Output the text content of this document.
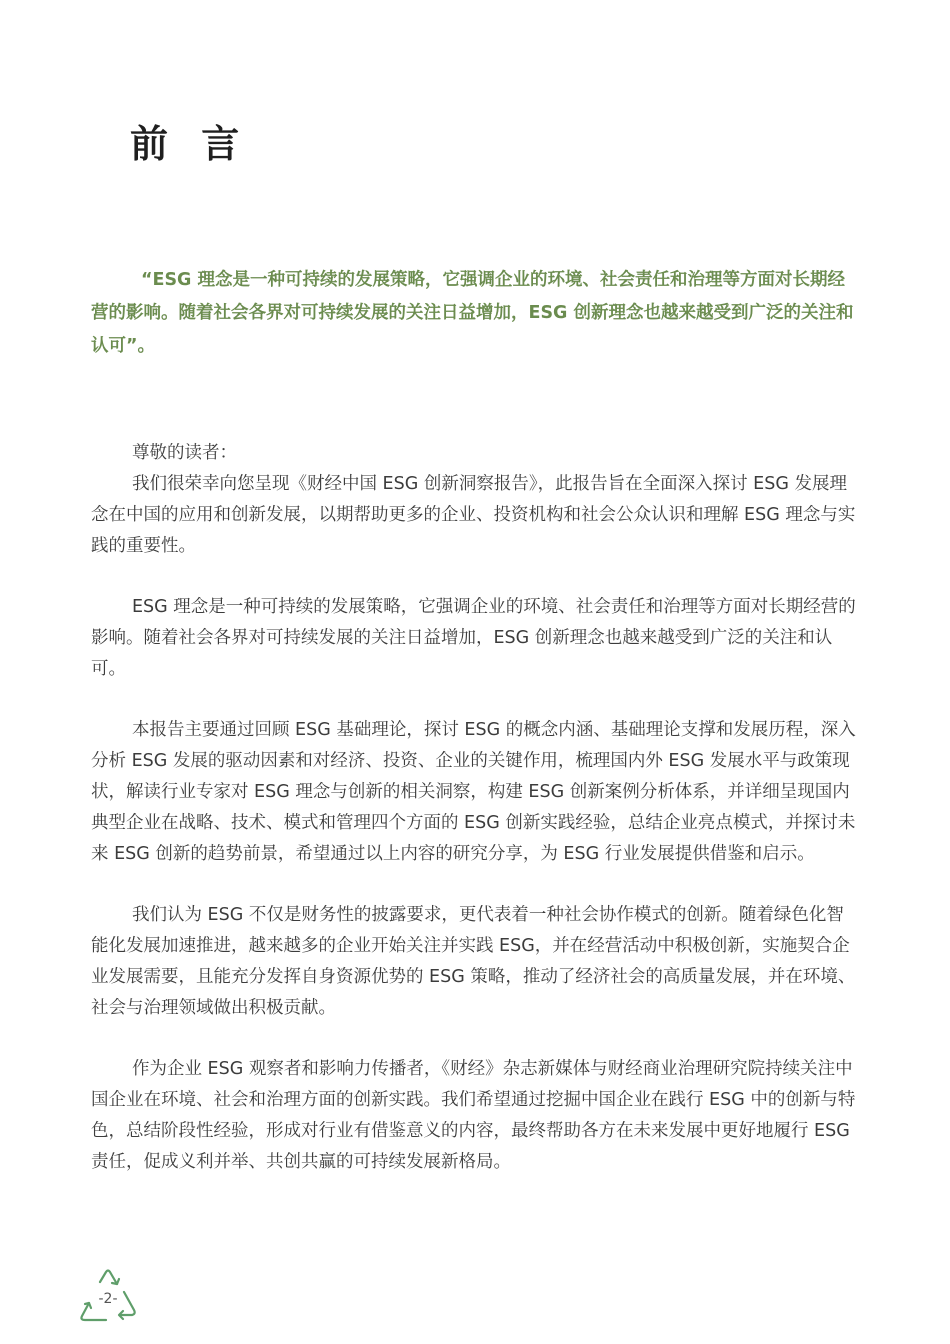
前 言

“ESG 理念是一种可持续的发展策略，它强调企业的环境、社会责任和治理等方面对长期经营的影响。随着社会各界对可持续发展的关注日益增加，ESG 创新理念也越来越受到广泛的关注和认可”。

尊敬的读者：

我们很荣幸向您呈现《财经中国 ESG 创新洞察报告》，此报告旨在全面深入探讨 ESG 发展理念在中国的应用和创新发展，以期帮助更多的企业、投资机构和社会公众认识和理解 ESG 理念与实践的重要性。

ESG 理念是一种可持续的发展策略，它强调企业的环境、社会责任和治理等方面对长期经营的影响。随着社会各界对可持续发展的关注日益增加，ESG 创新理念也越来越受到广泛的关注和认可。

本报告主要通过回顾 ESG 基础理论，探讨 ESG 的概念内涵、基础理论支撑和发展历程，深入分析 ESG 发展的驱动因素和对经济、投资、企业的关键作用，梳理国内外 ESG 发展水平与政策现状，解读行业专家对 ESG 理念与创新的相关洞察，构建 ESG 创新案例分析体系，并详细呈现国内典型企业在战略、技术、模式和管理四个方面的 ESG 创新实践经验，总结企业亮点模式，并探讨未来 ESG 创新的趋势前景，希望通过以上内容的研究分享，为 ESG 行业发展提供借鉴和启示。

我们认为 ESG 不仅是财务性的披露要求，更代表着一种社会协作模式的创新。随着绿色化智能化发展加速推进，越来越多的企业开始关注并实践 ESG，并在经营活动中积极创新，实施契合企业发展需要，且能充分发挥自身资源优势的 ESG 策略，推动了经济社会的高质量发展，并在环境、社会与治理领域做出积极贡献。

作为企业 ESG 观察者和影响力传播者，《财经》杂志新媒体与财经商业治理研究院持续关注中国企业在环境、社会和治理方面的创新实践。我们希望通过挖掘中国企业在践行 ESG 中的创新与特色，总结阶段性经验，形成对行业有借鉴意义的内容，最终帮助各方在未来发展中更好地履行 ESG 责任，促成义利并举、共创共赢的可持续发展新格局。

-2-
